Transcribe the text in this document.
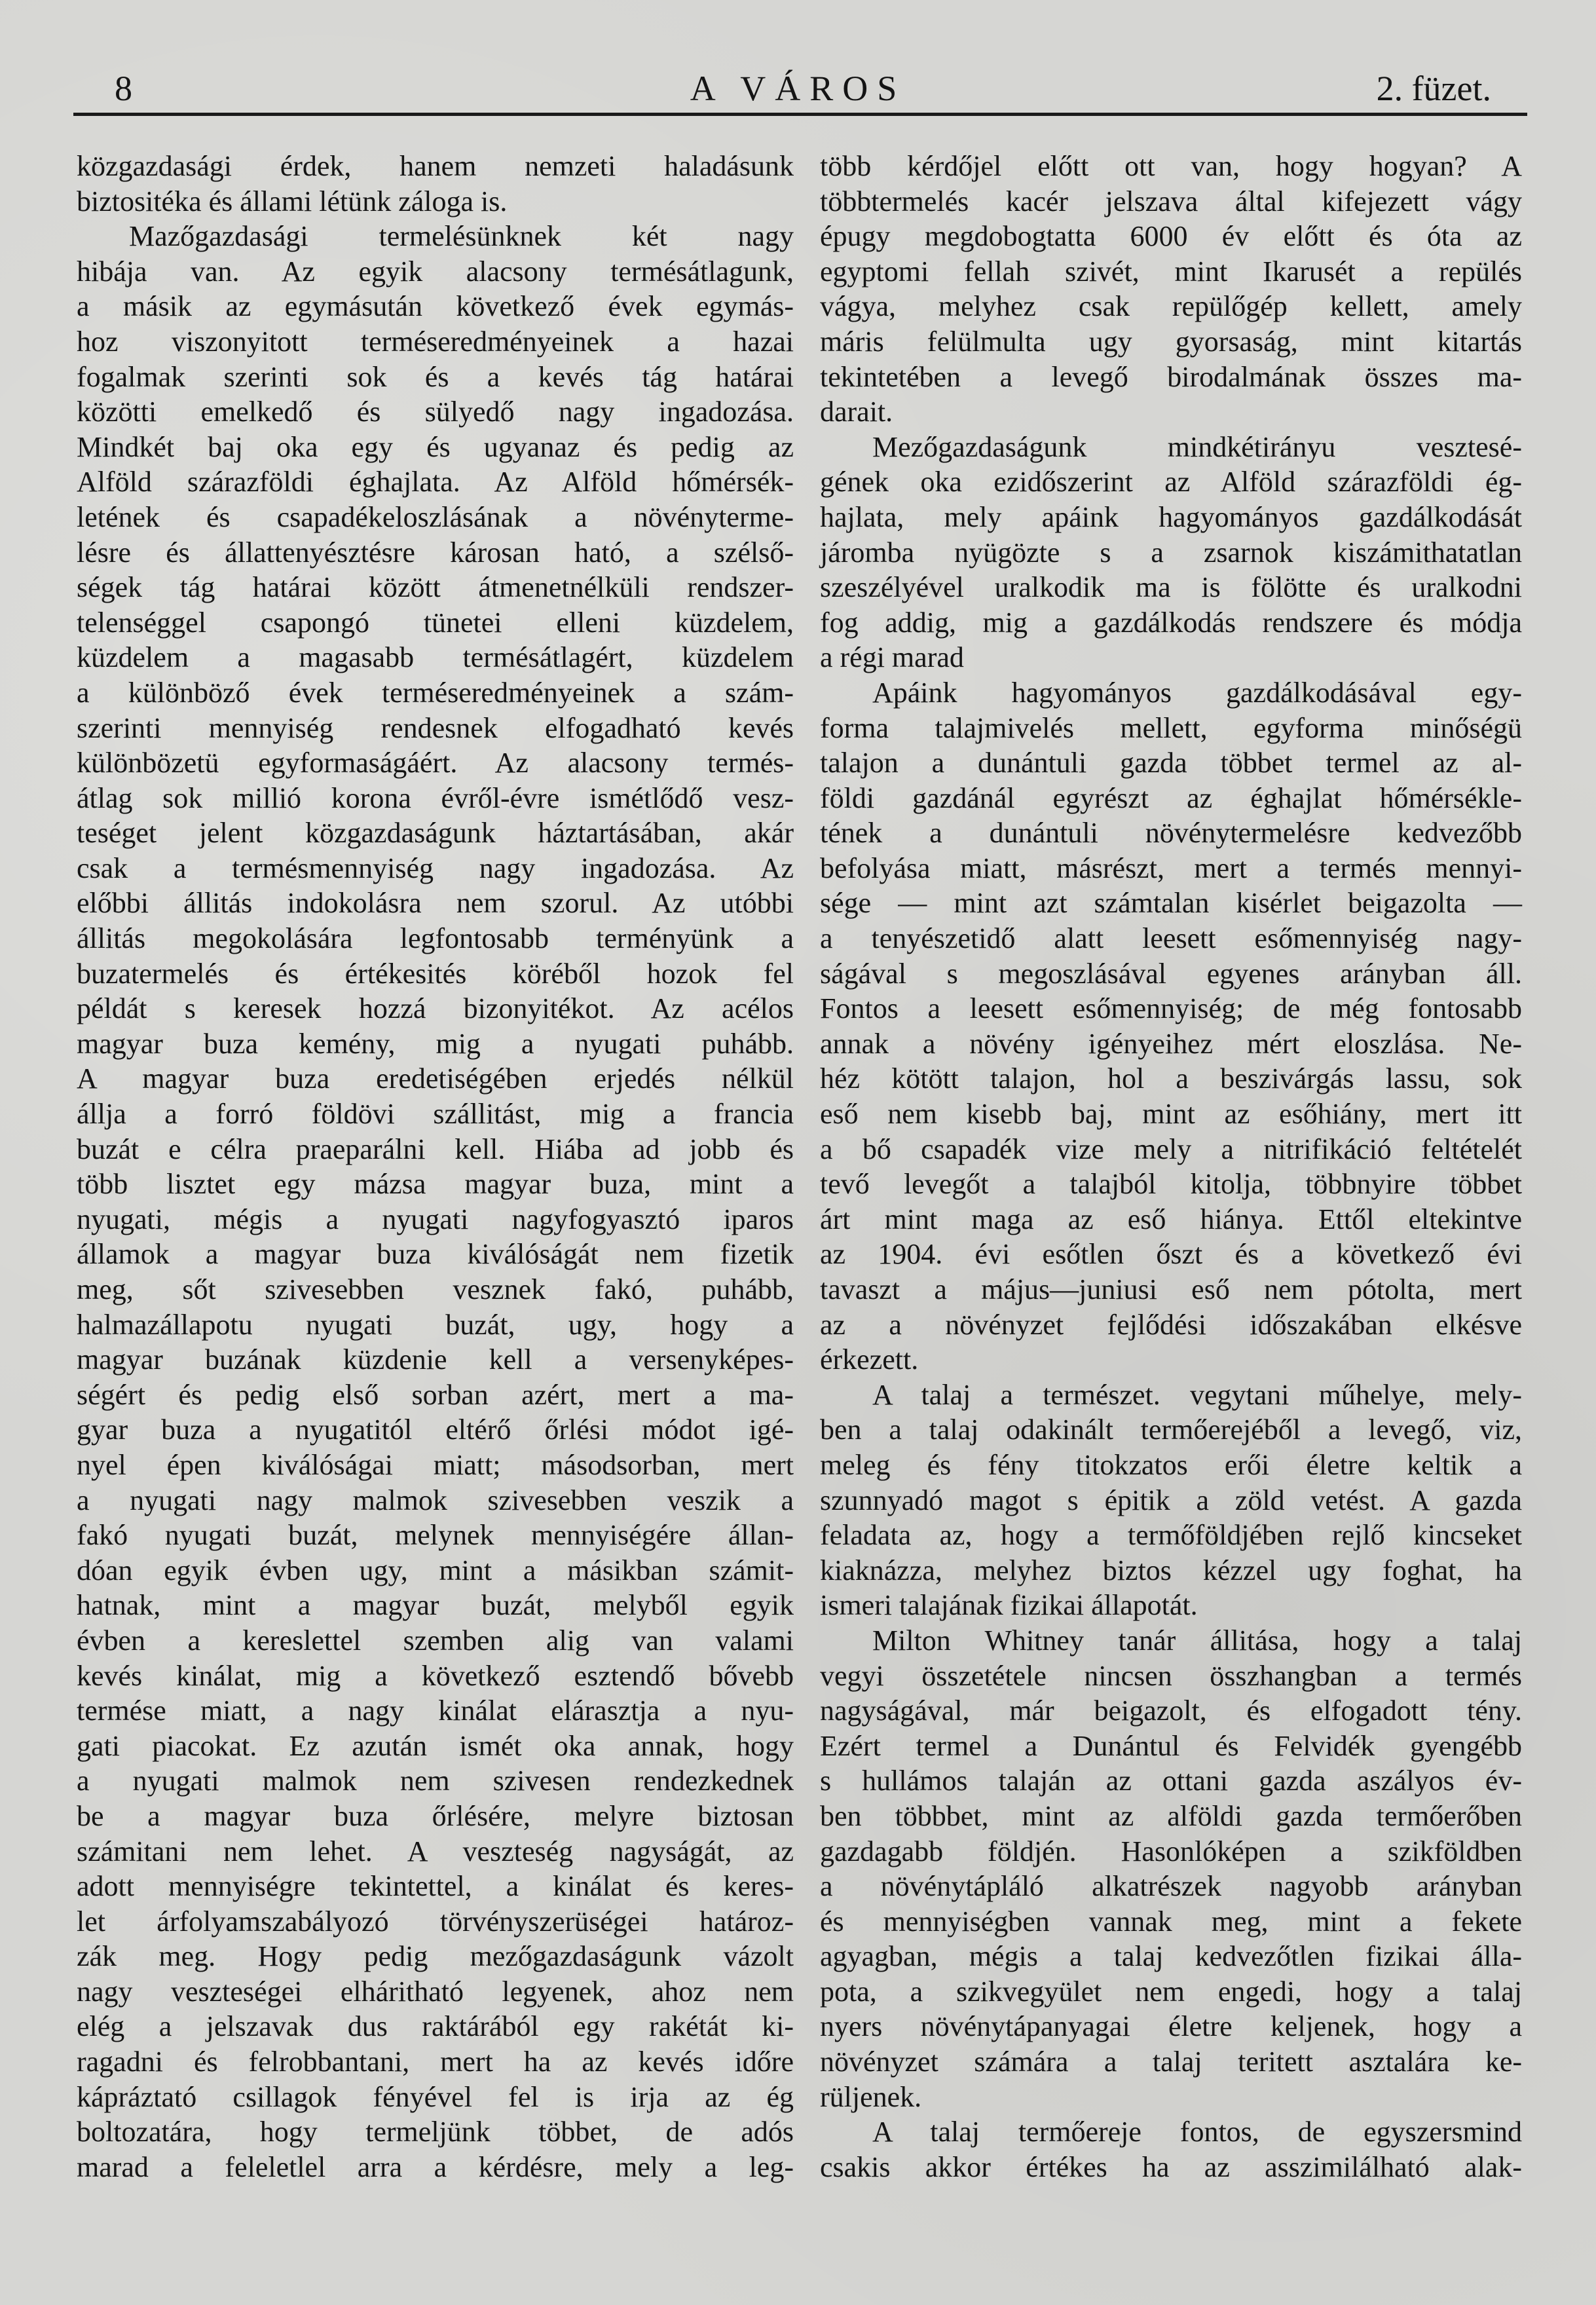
8	A VÁROS	2. füzet.
közgazdasági érdek, hanem nemzeti haladásunk
biztositéka és állami létünk záloga is.
Mazőgazdasági termelésünknek két nagy
hibája van. Az egyik alacsony termésátlagunk,
a másik az egymásután következő évek egymás-
hoz viszonyitott terméseredményeinek a hazai
fogalmak szerinti sok és a kevés tág határai
közötti emelkedő és sülyedő nagy ingadozása.
Mindkét baj oka egy és ugyanaz és pedig az
Alföld szárazföldi éghajlata. Az Alföld hőmérsék-
letének és csapadékeloszlásának a növényterme-
lésre és állattenyésztésre károsan ható, a szélső-
ségek tág határai között átmenetnélküli rendszer-
telenséggel csapongó tünetei elleni küzdelem,
küzdelem a magasabb termésátlagért, küzdelem
a különböző évek terméseredményeinek a szám-
szerinti mennyiség rendesnek elfogadható kevés
különbözetü egyformaságáért. Az alacsony termés-
átlag sok millió korona évről-évre ismétlődő vesz-
teséget jelent közgazdaságunk háztartásában, akár
csak a termésmennyiség nagy ingadozása. Az
előbbi állitás indokolásra nem szorul. Az utóbbi
állitás megokolására legfontosabb terményünk a
buzatermelés és értékesités köréből hozok fel
példát s keresek hozzá bizonyitékot. Az acélos
magyar buza kemény, mig a nyugati puhább.
A magyar buza eredetiségében erjedés nélkül
állja a forró földövi szállitást, mig a francia
buzát e célra praeparálni kell. Hiába ad jobb és
több lisztet egy mázsa magyar buza, mint a
nyugati, mégis a nyugati nagyfogyasztó iparos
államok a magyar buza kiválóságát nem fizetik
meg, sőt szivesebben vesznek fakó, puhább,
halmazállapotu nyugati buzát, ugy, hogy a
magyar buzának küzdenie kell a versenyképes-
ségért és pedig első sorban azért, mert a ma-
gyar buza a nyugatitól eltérő őrlési módot igé-
nyel épen kiválóságai miatt; másodsorban, mert
a nyugati nagy malmok szivesebben veszik a
fakó nyugati buzát, melynek mennyiségére állan-
dóan egyik évben ugy, mint a másikban számit-
hatnak, mint a magyar buzát, melyből egyik
évben a kereslettel szemben alig van valami
kevés kinálat, mig a következő esztendő bővebb
termése miatt, a nagy kinálat elárasztja a nyu-
gati piacokat. Ez azután ismét oka annak, hogy
a nyugati malmok nem szivesen rendezkednek
be a magyar buza őrlésére, melyre biztosan
számitani nem lehet. A veszteség nagyságát, az
adott mennyiségre tekintettel, a kinálat és keres-
let árfolyamszabályozó törvényszerüségei határoz-
zák meg. Hogy pedig mezőgazdaságunk vázolt
nagy veszteségei elháritható legyenek, ahoz nem
elég a jelszavak dus raktárából egy rakétát ki-
ragadni és felrobbantani, mert ha az kevés időre
kápráztató csillagok fényével fel is irja az ég
boltozatára, hogy termeljünk többet, de adós
marad a feleletlel arra a kérdésre, mely a leg-
több kérdőjel előtt ott van, hogy hogyan? A
többtermelés kacér jelszava által kifejezett vágy
épugy megdobogtatta 6000 év előtt és óta az
egyptomi fellah szivét, mint Ikarusét a repülés
vágya, melyhez csak repülőgép kellett, amely
máris felülmulta ugy gyorsaság, mint kitartás
tekintetében a levegő birodalmának összes ma-
darait.
Mezőgazdaságunk mindkétirányu vesztesé-
gének oka ezidőszerint az Alföld szárazföldi ég-
hajlata, mely apáink hagyományos gazdálkodását
járomba nyügözte s a zsarnok kiszámithatatlan
szeszélyével uralkodik ma is fölötte és uralkodni
fog addig, mig a gazdálkodás rendszere és módja
a régi marad
Apáink hagyományos gazdálkodásával egy-
forma talajmivelés mellett, egyforma minőségü
talajon a dunántuli gazda többet termel az al-
földi gazdánál egyrészt az éghajlat hőmérsékle-
tének a dunántuli növénytermelésre kedvezőbb
befolyása miatt, másrészt, mert a termés mennyi-
sége — mint azt számtalan kisérlet beigazolta —
a tenyészetidő alatt leesett esőmennyiség nagy-
ságával s megoszlásával egyenes arányban áll.
Fontos a leesett esőmennyiség; de még fontosabb
annak a növény igényeihez mért eloszlása. Ne-
héz kötött talajon, hol a beszivárgás lassu, sok
eső nem kisebb baj, mint az esőhiány, mert itt
a bő csapadék vize mely a nitrifikáció feltételét
tevő levegőt a talajból kitolja, többnyire többet
árt mint maga az eső hiánya. Ettől eltekintve
az 1904. évi esőtlen őszt és a következő évi
tavaszt a május—juniusi eső nem pótolta, mert
az a növényzet fejlődési időszakában elkésve
érkezett.
A talaj a természet. vegytani műhelye, mely-
ben a talaj odakinált termőerejéből a levegő, viz,
meleg és fény titokzatos erői életre keltik a
szunnyadó magot s épitik a zöld vetést. A gazda
feladata az, hogy a termőföldjében rejlő kincseket
kiaknázza, melyhez biztos kézzel ugy foghat, ha
ismeri talajának fizikai állapotát.
Milton Whitney tanár állitása, hogy a talaj
vegyi összetétele nincsen összhangban a termés
nagyságával, már beigazolt, és elfogadott tény.
Ezért termel a Dunántul és Felvidék gyengébb
s hullámos talaján az ottani gazda aszályos év-
ben többbet, mint az alföldi gazda termőerőben
gazdagabb földjén. Hasonlóképen a szikföldben
a növénytápláló alkatrészek nagyobb arányban
és mennyiségben vannak meg, mint a fekete
agyagban, mégis a talaj kedvezőtlen fizikai álla-
pota, a szikvegyület nem engedi, hogy a talaj
nyers növénytápanyagai életre keljenek, hogy a
növényzet számára a talaj teritett asztalára ke-
rüljenek.
A talaj termőereje fontos, de egyszersmind
csakis akkor értékes ha az asszimilálható alak-
